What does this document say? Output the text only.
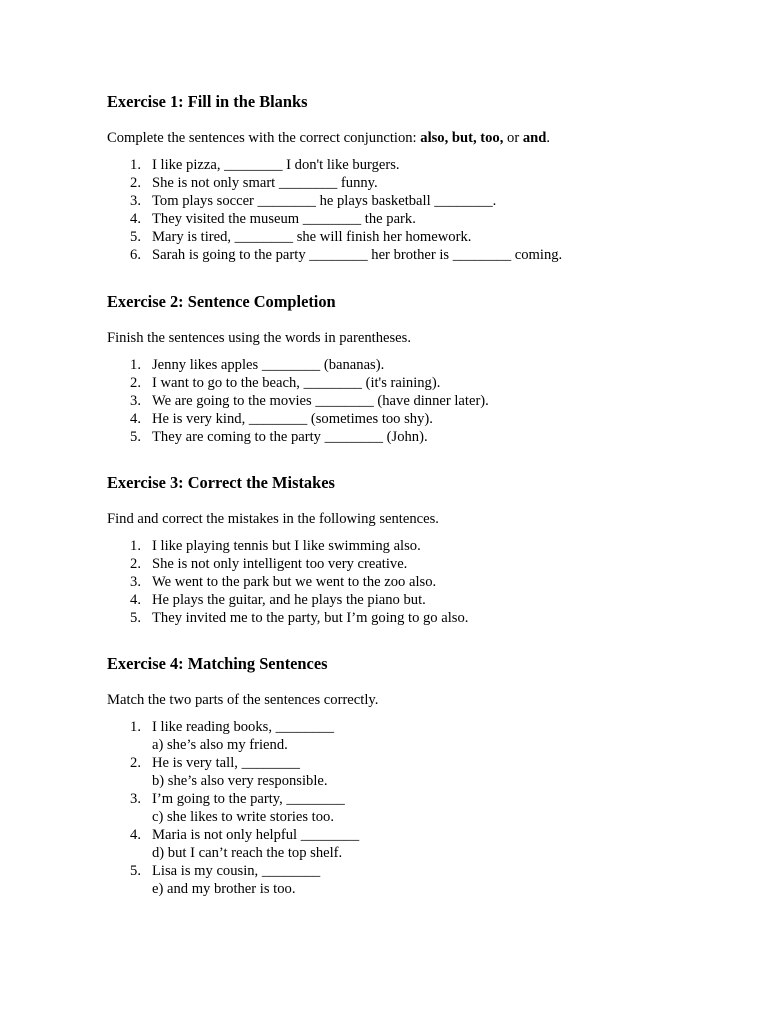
Exercise 1: Fill in the Blanks

Complete the sentences with the correct conjunction: also, but, too, or and.

1. I like pizza, ________ I don't like burgers.
2. She is not only smart ________ funny.
3. Tom plays soccer ________ he plays basketball ________.
4. They visited the museum ________ the park.
5. Mary is tired, ________ she will finish her homework.
6. Sarah is going to the party ________ her brother is ________ coming.
Exercise 2: Sentence Completion

Finish the sentences using the words in parentheses.

1. Jenny likes apples ________ (bananas).
2. I want to go to the beach, ________ (it's raining).
3. We are going to the movies ________ (have dinner later).
4. He is very kind, ________ (sometimes too shy).
5. They are coming to the party ________ (John).
Exercise 3: Correct the Mistakes

Find and correct the mistakes in the following sentences.

1. I like playing tennis but I like swimming also.
2. She is not only intelligent too very creative.
3. We went to the park but we went to the zoo also.
4. He plays the guitar, and he plays the piano but.
5. They invited me to the party, but I’m going to go also.
Exercise 4: Matching Sentences

Match the two parts of the sentences correctly.

1. I like reading books, ________
a) she’s also my friend.
2. He is very tall, ________
b) she’s also very responsible.
3. I’m going to the party, ________
c) she likes to write stories too.
4. Maria is not only helpful ________
d) but I can’t reach the top shelf.
5. Lisa is my cousin, ________
e) and my brother is too.
